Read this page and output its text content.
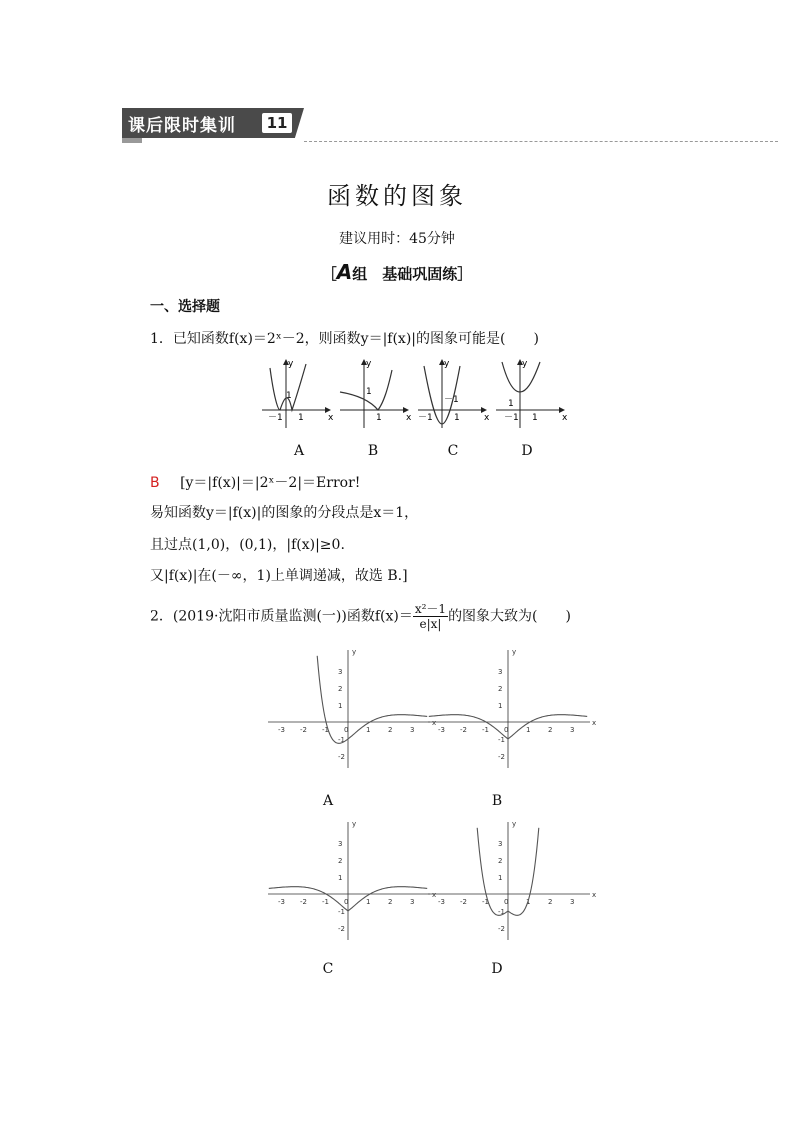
课后限时集训	11
函数的图象
建议用时：45分钟
［A组　基础巩固练］
一、选择题
1．已知函数f(x)＝2ˣ－2，则函数y＝|f(x)|的图象可能是(　　)
y
x
1
－1 1
y
x
1
1
y
x
－1
－1 1
y
x
1
－1 1
A	B	C	D
B [y＝|f(x)|＝|2ˣ－2|＝Error!
易知函数y＝|f(x)|的图象的分段点是x＝1，
且过点(1,0)，(0,1)，|f(x)|≥0.
又|f(x)|在(－∞，1)上单调递减，故选 B.]
2．(2019·沈阳市质量监测(一))函数$f(x)= \frac{\text{x²－1}}{e|x|}$ 的图象大致为(　　)
-3 -2 -1 0	1	2	3
3
2
1
-1
-2
x
y
-3 -2 -1 0	1	2	3
3
2
1
-1
-2
x
y
-3 -2 -1 0	1	2	3
3
2
1
-1
-2
x
y
-3 -2 -1 0	1	2	3
3
2
1
-1
-2
x
y
A	B
C	D
